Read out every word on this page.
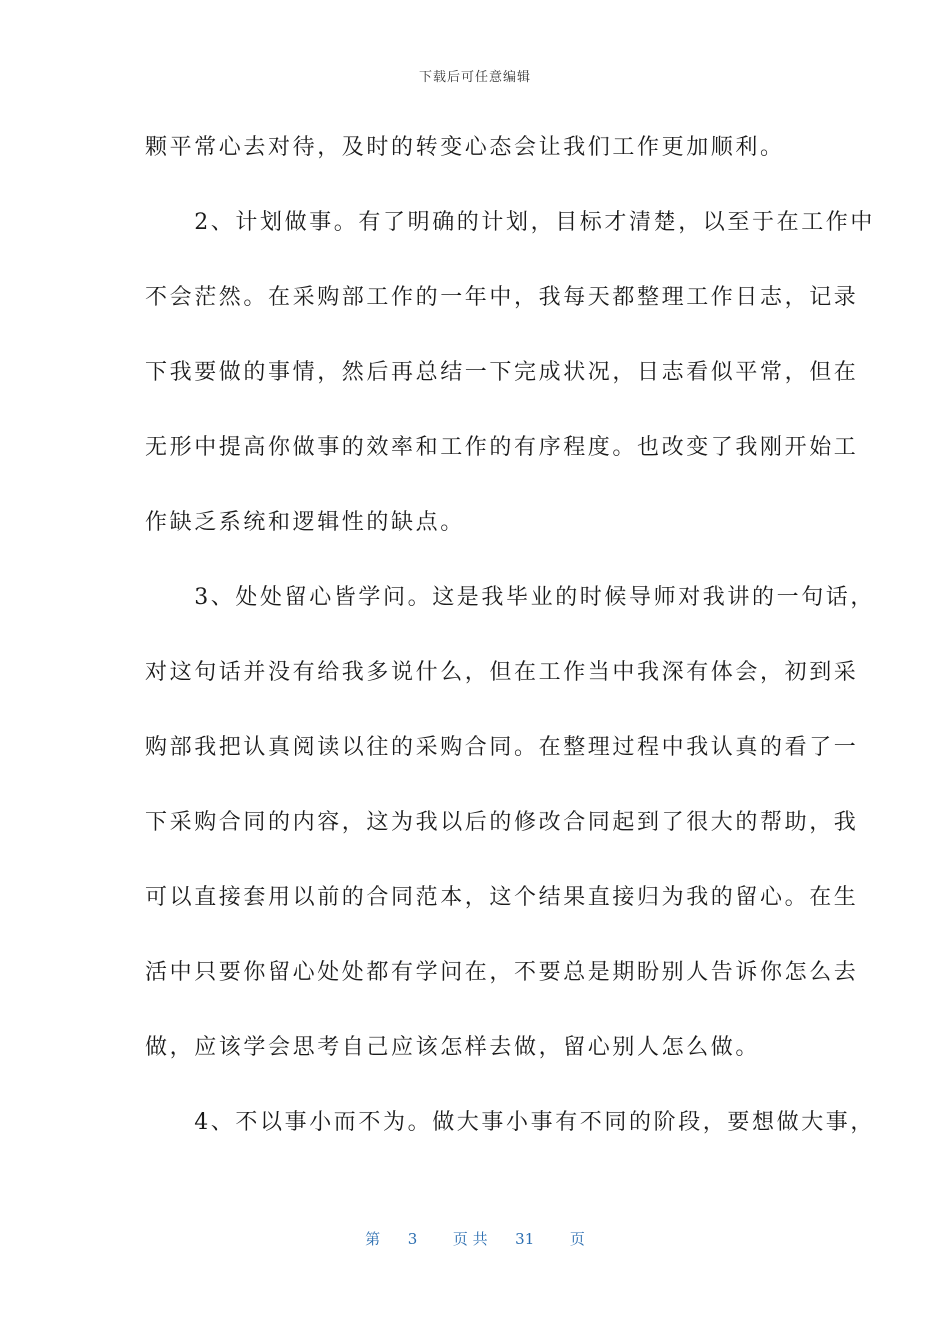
下载后可任意编辑
颗平常心去对待，及时的转变心态会让我们工作更加顺利。
　　2、计划做事。有了明确的计划，目标才清楚，以至于在工作中
不会茫然。在采购部工作的一年中，我每天都整理工作日志，记录
下我要做的事情，然后再总结一下完成状况，日志看似平常，但在
无形中提高你做事的效率和工作的有序程度。也改变了我刚开始工
作缺乏系统和逻辑性的缺点。
　　3、处处留心皆学问。这是我毕业的时候导师对我讲的一句话，
对这句话并没有给我多说什么，但在工作当中我深有体会，初到采
购部我把认真阅读以往的采购合同。在整理过程中我认真的看了一
下采购合同的内容，这为我以后的修改合同起到了很大的帮助，我
可以直接套用以前的合同范本，这个结果直接归为我的留心。在生
活中只要你留心处处都有学问在，不要总是期盼别人告诉你怎么去
做，应该学会思考自己应该怎样去做，留心别人怎么做。
　　4、不以事小而不为。做大事小事有不同的阶段，要想做大事，
第 3 页 共 31 页
